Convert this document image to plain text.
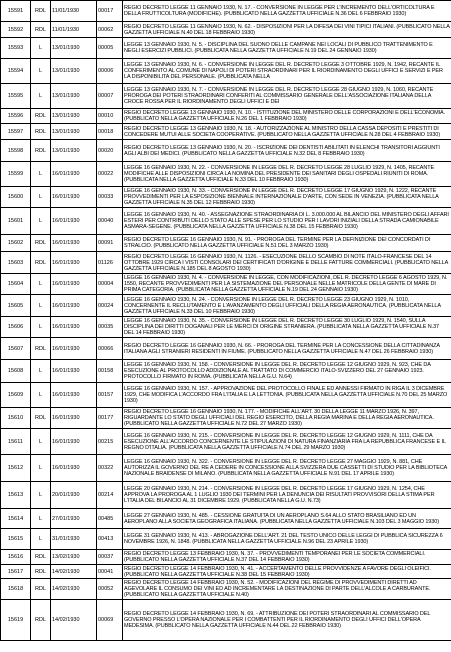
15591	RDL	11/01/1930	00017	REGIO DECRETO LEGGE 11 GENNAIO 1930, N. 17. - CONVERSIONE IN LEGGE PER L'INCREMENTO DELL'ORTICOLTURA E DELLA FRUTTICOLTURA (MODIFICHE). (PUBBLICATO NELLA GAZZETTA UFFICIALE N.36 DEL 6 FEBBRAIO 1930)

15592	RDL	11/01/1930	00062	REGIO DECRETO LEGGE 11 GENNAIO 1930, N. 62. - DISPOSIZIONI PER LA DIFESA DEI VINI TIPICI ITALIANI. (PUBBLICATO NELLA GAZZETTA UFFICIALE N.40 DEL 18 FEBBRAIO 1930)

15593	L	13/01/1930	00005	LEGGE 13 GENNAIO 1930, N. 5. - DISCIPLINA DEL SUONO DELLE CAMPANE NEI LOCALI DI PUBBLICO TRATTENIMENTO E NEGLI ESERCIZI PUBBLICI. (PUBBLICATA NELLA GAZZETTA UFFICIALE N.19 DEL 24 GENNAIO 1930)

15594	L	13/01/1930	00006	LEGGE 13 GENNAIO 1930, N. 6. - CONVERSIONE IN LEGGE DEL R. DECRETO LEGGE 3 OTTOBRE 1929, N. 1942, RECANTE IL CONFERIMENTO AL COMUNE DI NAPOLI DI POTERI STRAORDINARI PER IL RIORDINAMENTO DEGLI UFFICI E SERVIZI E PER LA DISPONIBILITA DEL PERSONALE. (PUBBLICATA NELLA

15595	L	13/01/1930	00007	LEGGE 13 GENNAIO 1930, N. 7. - CONVERSIONE IN LEGGE DEL R. DECRETO LEGGE 28 GIUGNO 1929, N. 1060, RECANTE PROROGA DEI POTERI STRAORDINARI CONFERITI AL COMMISSARIO GENERALE DELL'ASSOCIAZIONE ITALIANA DELLA CROCE ROSSA PER IL RIORDINAMENTO DEGLI UFFICI E DEI

15596	RDL	13/01/1930	00010	REGIO DECRETO LEGGE 13 GENNAIO 1930, N. 10. - ISTITUZIONE DEL MINISTERO DELLE CORPORAZIONI E DELL'ECONOMIA. (PUBBLICATO NELLA GAZZETTA UFFICIALE N.26 DEL 1 FEBBRAIO 1930)

15597	RDL	13/01/1930	00018	REGIO DECRETO LEGGE 13 GENNAIO 1930, N. 18. - AUTORIZZAZIONE AL MINISTRO DELLA CASSA DEPOSITI E PRESTITI DI CONCEDERE MUTUI ALLE SOCIETA COOPERATIVE. (PUBBLICATO NELLA GAZZETTA UFFICIALE N.28 DEL 4 FEBBRAIO 1930)

15598	RDL	13/01/1930	00020	REGIO DECRETO LEGGE 13 GENNAIO 1930, N. 20. - ISCRIZIONE DEI DENTISTI ABILITATI IN ELENCHI TRANSITORI AGGIUNTI AGLI ALBI DEI MEDICI. (PUBBLICATO NELLA GAZZETTA UFFICIALE N.32 DEL 8 FEBBRAIO 1930)

15599	L	16/01/1930	00022	LEGGE 16 GENNAIO 1930, N. 22. - CONVERSIONE IN LEGGE DEL R. DECRETO LEGGE 28 LUGLIO 1929, N. 1405, RECANTE MODIFICHE ALLE DISPOSIZIONI CIRCA LA NOMINA DEL PRESIDENTE DEI SANITARI DEGLI OSPEDALI RIUNITI DI ROMA. (PUBBLICATA NELLA GAZZETTA UFFICIALE N.33 DEL 10 FEBBRAIO 1930)

15600	L	16/01/1930	00033	LEGGE 16 GENNAIO 1930, N. 33. - CONVERSIONE IN LEGGE DEL R. DECRETO LEGGE 17 GIUGNO 1929, N. 1222, RECANTE PROVVEDIMENTI PER LA ESPOSIZIONE BIENNALE INTERNAZIONALE D'ARTE, CON SEDE IN VENEZIA. (PUBBLICATA NELLA GAZZETTA UFFICIALE N.35 DEL 12 FEBBRAIO 1930)

15601	L	16/01/1930	00040	LEGGE 16 GENNAIO 1930, N. 40. - ASSEGNAZIONE STRAORDINARIA DI L. 3.000.000 AL BILANCIO DEL MINISTERO DEGLI AFFARI ESTERI PER CONTRIBUTI DELLO STATO ALLE SPESE PER LO STUDIO PER I LAVORI INIZIALI DELLA STRADA CAMIONABILE ASMARA-SEGENE. (PUBBLICATA NELLA GAZZETTA UFFICIALE N.38 DEL 15 FEBBRAIO 1930)

15602	RDL	16/01/1930	00091	REGIO DECRETO LEGGE 16 GENNAIO 1930, N. 91. - PROROGA DEL TERMINE PER LA DEFINIZIONE DEI CONCORDATI DI STRALCIO. (PUBBLICATO NELLA GAZZETTA UFFICIALE N.51 DEL 3 MARZO 1930)

15603	RDL	16/01/1930	01126	REGIO DECRETO LEGGE 16 GENNAIO 1930, N. 1126. - ESECUZIONE DELLO SCAMBIO DI NOTE ITALO-FRANCESE DEL 14 OTTOBRE 1929 CIRCA I VISTI CONSOLARI DEI CERTIFICATI D'ORIGINE E DELLE FATTURE COMMERCIALI. (PUBBLICATO NELLA GAZZETTA UFFICIALE N.185 DEL 8 AGOSTO 1930)

15604	L	16/01/1930	00004	LEGGE 16 GENNAIO 1930, N. 4. - CONVERSIONE IN LEGGE, CON MODIFICAZIONI, DEL R. DECRETO LEGGE 6 AGOSTO 1929, N. 1550, RECANTE PROVVEDIMENTI PER LA SISTEMAZIONE DEL PERSONALE NELLE MATRICOLE DELLA GENTE DI MARE DI PRIMA CATEGORIA. (PUBBLICATA NELLA GAZZETTA UFFICIALE N.19 DEL 24 GENNAIO 1930)

15605	L	16/01/1930	00024	LEGGE 16 GENNAIO 1930, N. 24. - CONVERSIONE IN LEGGE DEL R. DECRETO LEGGE 23 GIUGNO 1929, N. 1010, CONCERNENTE IL RECLUTAMENTO E L'AVANZAMENTO DEGLI UFFICIALI DELLA REGIA AERONAUTICA. (PUBBLICATA NELLA GAZZETTA UFFICIALE N.33 DEL 10 FEBBRAIO 1930)

15606	L	16/01/1930	00035	LEGGE 16 GENNAIO 1930, N. 35. - CONVERSIONE IN LEGGE DEL R. DECRETO LEGGE 30 LUGLIO 1929, N. 1540, SULLA DISCIPLINA DEI DIRITTI DOGANALI PER LE MERCI DI ORIGINE STRANIERA. (PUBBLICATA NELLA GAZZETTA UFFICIALE N.37 DEL 14 FEBBRAIO 1930)

15607	RDL	16/01/1930	00066	REGIO DECRETO LEGGE 16 GENNAIO 1930, N. 66. - PROROGA DEL TERMINE PER LA CONCESSIONE DELLA CITTADINANZA ITALIANA AGLI STRANIERI RESIDENTI IN FIUME. (PUBBLICATO NELLA GAZZETTA UFFICIALE N.47 DEL 26 FEBBRAIO 1930)

15608	L	16/01/1930	00158	LEGGE 16 GENNAIO 1930, N. 158. - CONVERSIONE IN LEGGE DEL R. DECRETO LEGGE 12 GIUGNO 1929, N. 923, CHE DA ESECUZIONE AL PROTOCOLLO ADDIZIONALE AL TRATTATO DI COMMERCIO ITALO-SVIZZERO DEL 27 GENNAIO 1923. PROTOCOLLO FIRMATO IN ROMA. (PUBBLICATA NELLA G.U. N.64)

15609	L	16/01/1930	00157	LEGGE 16 GENNAIO 1930, N. 157. - APPROVAZIONE DEL PROTOCOLLO FINALE ED ANNESSI FIRMATO IN RIGA IL 3 DICEMBRE 1929, CHE MODIFICA L'ACCORDO FRA L'ITALIA E LA LETTONIA. (PUBBLICATA NELLA GAZZETTA UFFICIALE N.70 DEL 25 MARZO 1930)

15610	RDL	16/01/1930	00177	REGIO DECRETO LEGGE 16 GENNAIO 1930, N. 177. - MODIFICHE ALL'ART. 30 DELLA LEGGE 11 MARZO 1926, N. 397, RIGUARDANTE LO STATO DEGLI UFFICIALI DEL REGIO ESERCITO, DELLA REGIA MARINA E DELLA REGIA AERONAUTICA. (PUBBLICATO NELLA GAZZETTA UFFICIALE N.72 DEL 27 MARZO 1930)

15611	L	16/01/1930	00215	LEGGE 16 GENNAIO 1930, N. 215. - CONVERSIONE IN LEGGE DEL R. DECRETO LEGGE 12 GIUGNO 1929, N. 1111, CHE DA ESECUZIONE ALL'ACCORDO CONCERNENTE LE STIPULAZIONI DI NATURA FINANZIARIA FRA LA REPUBBLICA FRANCESE E IL REGNO D'ITALIA. (PUBBLICATA NELLA GAZZETTA UFFICIALE N.74 DEL 29 MARZO 1930)

15612	L	16/01/1930	00322	LEGGE 16 GENNAIO 1930, N. 322. - CONVERSIONE IN LEGGE DEL R. DECRETO LEGGE 27 MAGGIO 1929, N. 881, CHE AUTORIZZA IL GOVERNO DEL RE A CEDERE IN CONCESSIONE ALLA SVIZZERA DUE CASSETTI DI STUDIO PER LA BIBLIOTECA NAZIONALE BRAIDENSE DI MILANO. (PUBBLICATA NELLA GAZZETTA UFFICIALE N.91 DEL 17 APRILE 1930)

15613	L	20/01/1930	00214	LEGGE 20 GENNAIO 1930, N. 214. - CONVERSIONE IN LEGGE DEL R. DECRETO LEGGE 17 GIUGNO 1929, N. 1254, CHE APPROVA LA PROROGA AL 1 LUGLIO 1930 DEI TERMINI PER LA DENUNCIA DEI RISULTATI PROVVISORI DELLA STIMA PER L'ITALIA DEL BILANCIO AL 31 DICEMBRE 1929. (PUBBLICATA NELLA G.U. N.73)

15614	L	27/01/1930	00485	LEGGE 27 GENNAIO 1930, N. 485. - CESSIONE GRATUITA DI UN AEROPLANO S.64 ALLO STATO BRASILIANO ED UN AEROPLANO ALLA SOCIETA GEOGRAFICA ITALIANA. (PUBBLICATA NELLA GAZZETTA UFFICIALE N.103 DEL 3 MAGGIO 1930)

15615	L	31/01/1930	00413	LEGGE 31 GENNAIO 1930, N. 413. - ABROGAZIONE DELL'ART. 21 DEL TESTO UNICO DELLE LEGGI DI PUBBLICA SICUREZZA 6 NOVEMBRE 1926, N. 1848. (PUBBLICATA NELLA GAZZETTA UFFICIALE N.96 DEL 23 APRILE 1930)

15616	RDL	13/02/1930	00037	REGIO DECRETO LEGGE 13 FEBBRAIO 1930, N. 37. - PROVVEDIMENTI TEMPORANEI PER LE SOCIETA COMMERCIALI. (PUBBLICATO NELLA GAZZETTA UFFICIALE N.37 DEL 14 FEBBRAIO 1930)

15617	RDL	14/02/1930	00041	REGIO DECRETO LEGGE 14 FEBBRAIO 1930, N. 41. - ACCERTAMENTO DELLE PROVVIDENZE A FAVORE DEGLI OLEIFICI. (PUBBLICATO NELLA GAZZETTA UFFICIALE N.38 DEL 15 FEBBRAIO 1930)

15618	RDL	14/02/1930	00052	REGIO DECRETO LEGGE 14 FEBBRAIO 1930, N. 52. - MODIFICAZIONI DEL REGIME DI PROVVEDIMENTI DIRETTI AD AGEVOLARE IL CONSUMO DEI VINI ED AD INCREMENTARE LA DESTINAZIONE DI PARTE DELL'ALCOLE A CARBURANTE. (PUBBLICATO NELLA GAZZETTA UFFICIALE N.40)

15619	RDL	14/02/1930	00069	REGIO DECRETO LEGGE 14 FEBBRAIO 1930, N. 69. - ATTRIBUZIONE DEI POTERI STRAORDINARI AL COMMISSARIO DEL GOVERNO PRESSO L'OPERA NAZIONALE PER I COMBATTENTI PER IL RIORDINAMENTO DEGLI UFFICI DELL'OPERA MEDESIMA. (PUBBLICATO NELLA GAZZETTA UFFICIALE N.44 DEL 22 FEBBRAIO 1930)
